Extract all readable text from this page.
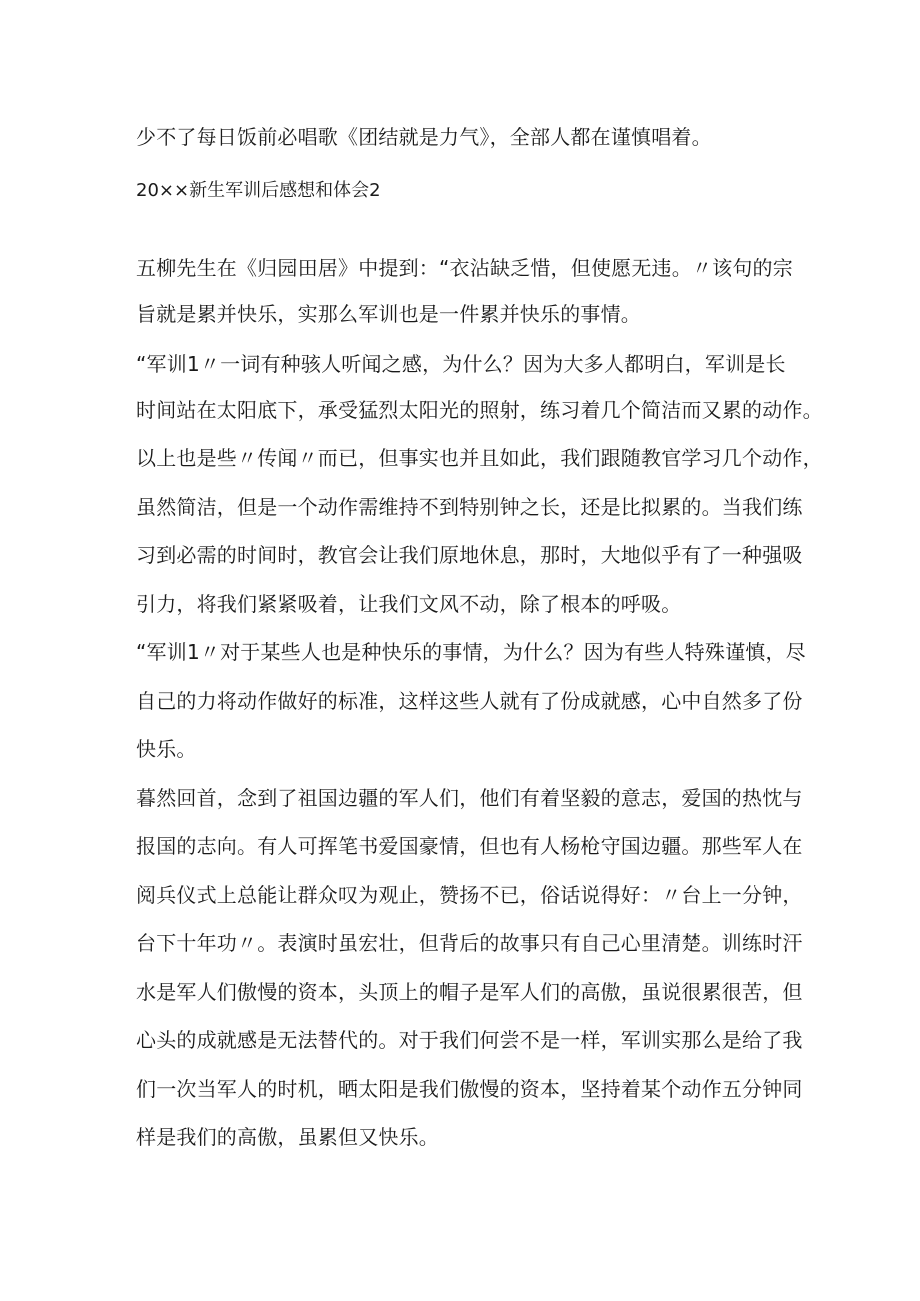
少不了每日饭前必唱歌《团结就是力气》，全部人都在谨慎唱着。
20××新生军训后感想和体会2
五柳先生在《归园田居》中提到：“衣沾缺乏惜，但使愿无违。〃该句的宗
旨就是累并快乐，实那么军训也是一件累并快乐的事情。
“军训1〃一词有种骇人听闻之感，为什么？因为大多人都明白，军训是长
时间站在太阳底下，承受猛烈太阳光的照射，练习着几个简洁而又累的动作。
以上也是些〃传闻〃而已，但事实也并且如此，我们跟随教官学习几个动作，
虽然简洁，但是一个动作需维持不到特别钟之长，还是比拟累的。当我们练
习到必需的时间时，教官会让我们原地休息，那时，大地似乎有了一种强吸
引力，将我们紧紧吸着，让我们文风不动，除了根本的呼吸。
“军训1〃对于某些人也是种快乐的事情，为什么？因为有些人特殊谨慎，尽
自己的力将动作做好的标准，这样这些人就有了份成就感，心中自然多了份
快乐。
暮然回首，念到了祖国边疆的军人们，他们有着坚毅的意志，爱国的热忱与
报国的志向。有人可挥笔书爱国豪情，但也有人杨枪守国边疆。那些军人在
阅兵仪式上总能让群众叹为观止，赞扬不已，俗话说得好：〃台上一分钟，
台下十年功〃。表演时虽宏壮，但背后的故事只有自己心里清楚。训练时汗
水是军人们傲慢的资本，头顶上的帽子是军人们的高傲，虽说很累很苦，但
心头的成就感是无法替代的。对于我们何尝不是一样，军训实那么是给了我
们一次当军人的时机，晒太阳是我们傲慢的资本，坚持着某个动作五分钟同
样是我们的高傲，虽累但又快乐。
